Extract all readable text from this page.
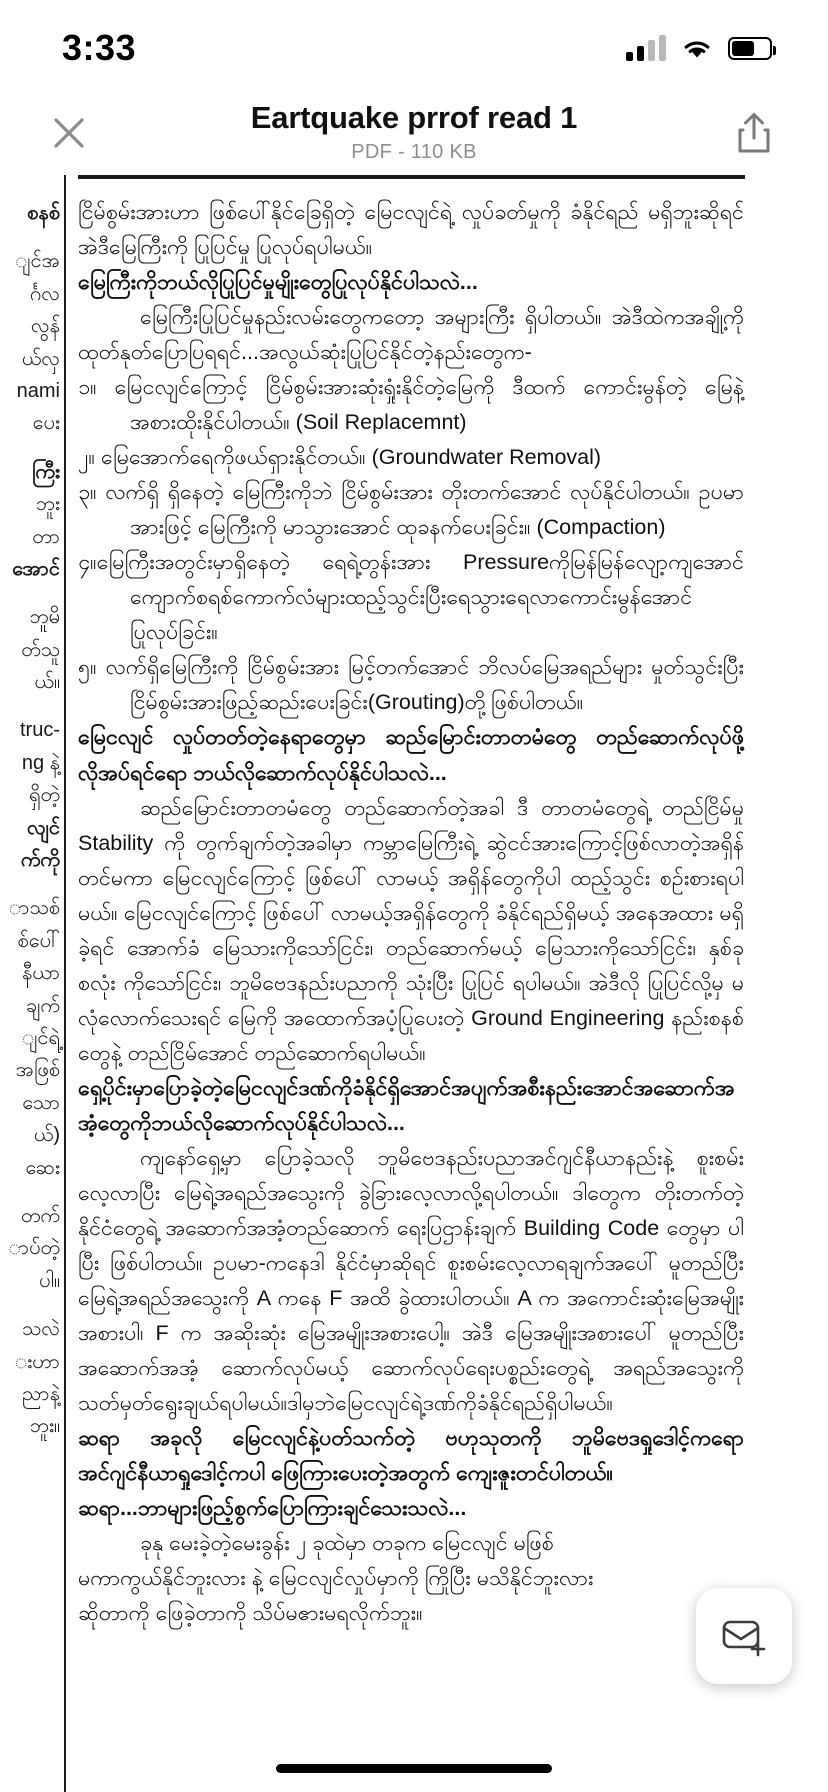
3:33
Eartquake prrof read 1
PDF - 110 KB
စနစ်
ျင်အ
င်္ဂလ
လွန်
ယ်လှ
nami
ပေး
ကြီး
ဘူး
တာ
အောင်
ဘူမိ
တ်သူ
ယ်။
truc-
ng နဲ့
ရှိတဲ့
လျင်
က်ကို
ာသစ်
စ်ပေါ်
နီယာ
ချက်
ျင်ရဲ့
အဖြစ်
သော
ယ်)
ဆေး
တက်
ာပ်တဲ့
ပါ။
သလဲ
းဟာ
ညာနဲ့
ဘူး။

ငြိမ်စွမ်းအားဟာ ဖြစ်ပေါ်နိုင်ခြေရှိတဲ့ မြေငလျင်ရဲ့ လှုပ်ခတ်မှုကို ခံနိုင်ရည် မရှိဘူးဆိုရင် အဲဒီမြေကြီးကို ပြုပြင်မှု ပြုလုပ်ရပါမယ်။

မြေကြီးကိုဘယ်လိုပြုပြင်မှုမျိုးတွေပြုလုပ်နိုင်ပါသလဲ...

မြေကြီးပြုပြင်မှုနည်းလမ်းတွေကတော့ အများကြီး ရှိပါတယ်။ အဲဒီထဲကအချို့ကိုထုတ်နုတ်ပြောပြရရင်...အလွယ်ဆုံးပြုပြင်နိုင်တဲ့နည်းတွေက-

၁။ မြေငလျင်ကြောင့် ငြိမ်စွမ်းအားဆုံးရှုံးနိုင်တဲ့မြေကို ဒီထက် ကောင်းမွန်တဲ့ မြေနဲ့ အစားထိုးနိုင်ပါတယ်။ (Soil Replacemnt)

၂။ မြေအောက်ရေကိုဖယ်ရှားနိုင်တယ်။ (Groundwater Removal)

၃။ လက်ရှိ ရှိနေတဲ့ မြေကြီးကိုဘဲ ငြိမ်စွမ်းအား တိုးတက်အောင် လုပ်နိုင်ပါတယ်။ ဥပမာအားဖြင့် မြေကြီးကို မာသွားအောင် ထုခနက်ပေးခြင်း။ (Compaction)

၄။မြေကြီးအတွင်းမှာရှိနေတဲ့ ရေရဲ့တွန်းအား Pressureကိုမြန်မြန်လျော့ကျအောင် ကျောက်စရစ်ကောက်လံများထည့်သွင်းပြီးရေသွားရေလာကောင်းမွန်အောင် ပြုလုပ်ခြင်း။

၅။ လက်ရှိမြေကြီးကို ငြိမ်စွမ်းအား မြင့်တက်အောင် ဘိလပ်မြေအရည်များ မှုတ်သွင်းပြီး ငြိမ်စွမ်းအားဖြည့်ဆည်းပေးခြင်း(Grouting)တို့ဖြစ်ပါတယ်။

မြေငလျင် လှုပ်တတ်တဲ့နေရာတွေမှာ ဆည်မြောင်းတာတမံတွေ တည်ဆောက်လုပ်ဖို့ လိုအပ်ရင်ရော ဘယ်လိုဆောက်လုပ်နိုင်ပါသလဲ...

ဆည်မြောင်းတာတမံတွေ တည်ဆောက်တဲ့အခါ ဒီ တာတမံတွေရဲ့ တည်ငြိမ်မှု Stability ကို တွက်ချက်တဲ့အခါမှာ ကမ္ဘာမြေကြီးရဲ့ ဆွဲငင်အားကြောင့်ဖြစ်လာတဲ့အရှိန် တင်မကာ မြေငလျင်ကြောင့် ဖြစ်ပေါ် လာမယ့် အရှိန်တွေကိုပါ ထည့်သွင်း စဉ်းစားရပါမယ်။ မြေငလျင်ကြောင့် ဖြစ်ပေါ် လာမယ့်အရှိန်တွေကို ခံနိုင်ရည်ရှိမယ့် အနေအထား မရှိခဲ့ရင် အောက်ခံ မြေသားကိုသော်ငြင်း၊ တည်ဆောက်မယ့် မြေသားကိုသော်ငြင်း၊ နှစ်ခုစလုံး ကိုသော်ငြင်း၊ ဘူမိဗေဒနည်းပညာကို သုံးပြီး ပြုပြင် ရပါမယ်။ အဲဒီလို ပြုပြင်လို့မှ မလုံလောက်သေးရင် မြေကို အထောက်အပံ့ပြုပေးတဲ့ Ground Engineering နည်းစနစ်တွေနဲ့ တည်ငြိမ်အောင် တည်ဆောက်ရပါမယ်။

ရှေ့ပိုင်းမှာပြောခဲ့တဲ့မြေငလျင်ဒဏ်ကိုခံနိုင်ရှိအောင်အပျက်အစီးနည်းအောင်အဆောက်အအံ့တွေကိုဘယ်လိုဆောက်လုပ်နိုင်ပါသလဲ...

ကျနော်ရှေ့မှာ ပြောခဲ့သလို ဘူမိဗေဒနည်းပညာအင်ဂျင်နီယာနည်းနဲ့ စူးစမ်းလေ့လာပြီး မြေရဲ့အရည်အသွေးကို ခွဲခြားလေ့လာလို့ရပါတယ်။ ဒါတွေက တိုးတက်တဲ့ နိုင်ငံတွေရဲ့ အဆောက်အအံ့တည်ဆောက် ရေးပြဌာန်းချက် Building Code တွေမှာ ပါပြီး ဖြစ်ပါတယ်။ ဥပမာ-ကနေဒါ နိုင်ငံမှာဆိုရင် စူးစမ်းလေ့လာရချက်အပေါ် မူတည်ပြီး မြေရဲ့အရည်အသွေးကို A ကနေ F အထိ ခွဲထားပါတယ်။ A က အကောင်းဆုံးမြေအမျိုးအစားပါ၊ F က အဆိုးဆုံး မြေအမျိုးအစားပေါ့။ အဲဒီ မြေအမျိုးအစားပေါ် မူတည်ပြီး အဆောက်အအံ့ ဆောက်လုပ်မယ့် ဆောက်လုပ်ရေးပစ္စည်းတွေရဲ့ အရည်အသွေးကိုသတ်မှတ်ရွေးချယ်ရပါမယ်။ဒါမှဘဲမြေငလျင်ရဲ့ဒဏ်ကိုခံနိုင်ရည်ရှိပါမယ်။

ဆရာ အခုလို မြေငလျင်နဲ့ပတ်သက်တဲ့ ဗဟုသုတကို ဘူမိဗေဒရှုဒေါင့်ကရော အင်ဂျင်နီယာရှုဒေါင့်ကပါ ဖြေကြားပေးတဲ့အတွက် ကျေးဇူးတင်ပါတယ်။

ဆရာ...ဘာများဖြည့်စွက်ပြောကြားချင်သေးသလဲ...

ခုနု မေးခဲ့တဲ့မေးခွန်း ၂ ခုထဲမှာ တခုက မြေငလျင် မဖြစ်

မကာကွယ်နိုင်ဘူးလား နဲ့ မြေငလျင်လှုပ်မှာကို ကြိုပြီး မသိနိုင်ဘူးလား

ဆိုတာကို ဖြေခဲ့တာကို သိပ်မဧားမရလိုက်ဘူး။
